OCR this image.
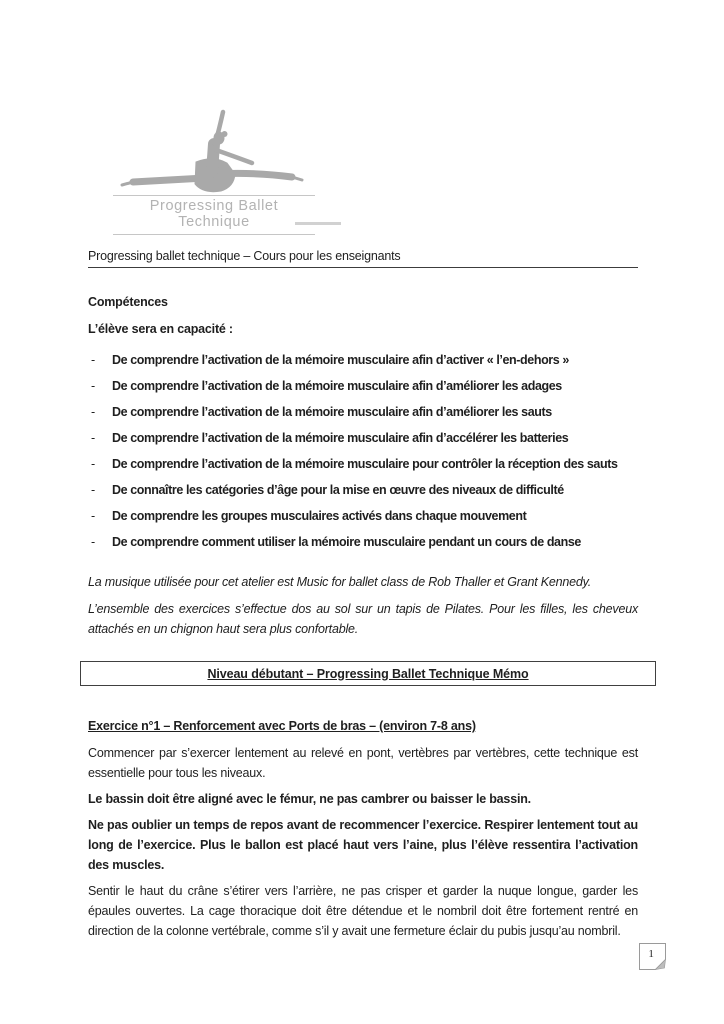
Progressing Ballet Technique
Progressing ballet technique – Cours pour les enseignants

Compétences

L’élève sera en capacité :

- De comprendre l’activation de la mémoire musculaire afin d’activer « l’en-dehors »
- De comprendre l’activation de la mémoire musculaire afin d’améliorer les adages
- De comprendre l’activation de la mémoire musculaire afin d’améliorer les sauts
- De comprendre l’activation de la mémoire musculaire afin d’accélérer les batteries
- De comprendre l’activation de la mémoire musculaire pour contrôler la réception des sauts
- De connaître les catégories d’âge pour la mise en œuvre des niveaux de difficulté
- De comprendre les groupes musculaires activés dans chaque mouvement
- De comprendre comment utiliser la mémoire musculaire pendant un cours de danse

La musique utilisée pour cet atelier est Music for ballet class de Rob Thaller et Grant Kennedy.

L’ensemble des exercices s’effectue dos au sol sur un tapis de Pilates. Pour les filles, les cheveux attachés en un chignon haut sera plus confortable.

Niveau débutant – Progressing Ballet Technique Mémo

Exercice n°1 – Renforcement avec Ports de bras – (environ 7-8 ans)

Commencer par s’exercer lentement au relevé en pont, vertèbres par vertèbres, cette technique est essentielle pour tous les niveaux.

Le bassin doit être aligné avec le fémur, ne pas cambrer ou baisser le bassin.

Ne pas oublier un temps de repos avant de recommencer l’exercice. Respirer lentement tout au long de l’exercice. Plus le ballon est placé haut vers l’aine, plus l’élève ressentira l’activation des muscles.

Sentir le haut du crâne s’étirer vers l’arrière, ne pas crisper et garder la nuque longue, garder les épaules ouvertes. La cage thoracique doit être détendue et le nombril doit être fortement rentré en direction de la colonne vertébrale, comme s’il y avait une fermeture éclair du pubis jusqu’au nombril.

1
